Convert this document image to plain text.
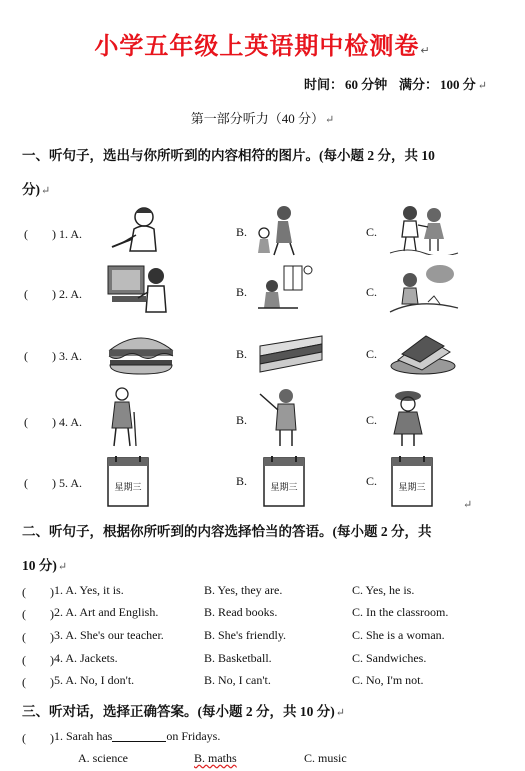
小学五年级上英语期中检测卷↵
时间： 60 分钟 满分： 100 分 ↵
第一部分听力（40 分）↵
一、听句子，选出与你所听到的内容相符的图片。(每小题 2 分，共 10
分)↵
(　　) 1. A.	B.	C.
(　　) 2. A.	B.	C.
(　　) 3. A.	B.	C.
(　　) 4. A.	B.	C.
(　　) 5. A.	星期三	B.	星期三	C. 星期三
↵
二、听句子，根据你所听到的内容选择恰当的答语。(每小题 2 分，共
10 分)↵
(　　) 1. A. Yes, it is.	B. Yes, they are.	C. Yes, he is.
(　　) 2. A. Art and English.	B. Read books.	C. In the classroom.
(　　) 3. A. She's our teacher.	B. She's friendly.	C. She is a woman.
(　　) 4. A. Jackets.	B. Basketball.	C. Sandwiches.
(　　) 5. A. No, I don't.	B. No, I can't.	C. No, I'm not.
三、听对话，选择正确答案。(每小题 2 分，共 10 分)↵
(　　) 1. Sarah has	on Fridays.
A. science	B. maths	C. music
